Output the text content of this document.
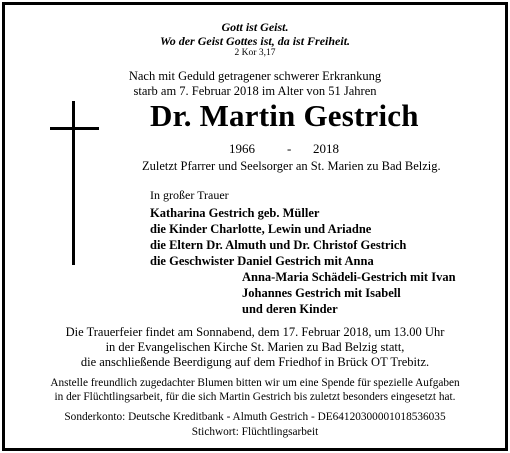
Gott ist Geist.
Wo der Geist Gottes ist, da ist Freiheit.
2 Kor 3,17
Nach mit Geduld getragener schwerer Erkrankung
starb am 7. Februar 2018 im Alter von 51 Jahren
Dr. Martin Gestrich
1966 - 2018
Zuletzt Pfarrer und Seelsorger an St. Marien zu Bad Belzig.
In großer Trauer
Katharina Gestrich geb. Müller
die Kinder Charlotte, Lewin und Ariadne
die Eltern Dr. Almuth und Dr. Christof Gestrich
die Geschwister Daniel Gestrich mit Anna
Anna-Maria Schädeli-Gestrich mit Ivan
Johannes Gestrich mit Isabell
und deren Kinder
Die Trauerfeier findet am Sonnabend, dem 17. Februar 2018, um 13.00 Uhr
in der Evangelischen Kirche St. Marien zu Bad Belzig statt,
die anschließende Beerdigung auf dem Friedhof in Brück OT Trebitz.
Anstelle freundlich zugedachter Blumen bitten wir um eine Spende für spezielle Aufgaben
in der Flüchtlingsarbeit, für die sich Martin Gestrich bis zuletzt besonders eingesetzt hat.
Sonderkonto: Deutsche Kreditbank - Almuth Gestrich - DE64120300001018536035
Stichwort: Flüchtlingsarbeit
